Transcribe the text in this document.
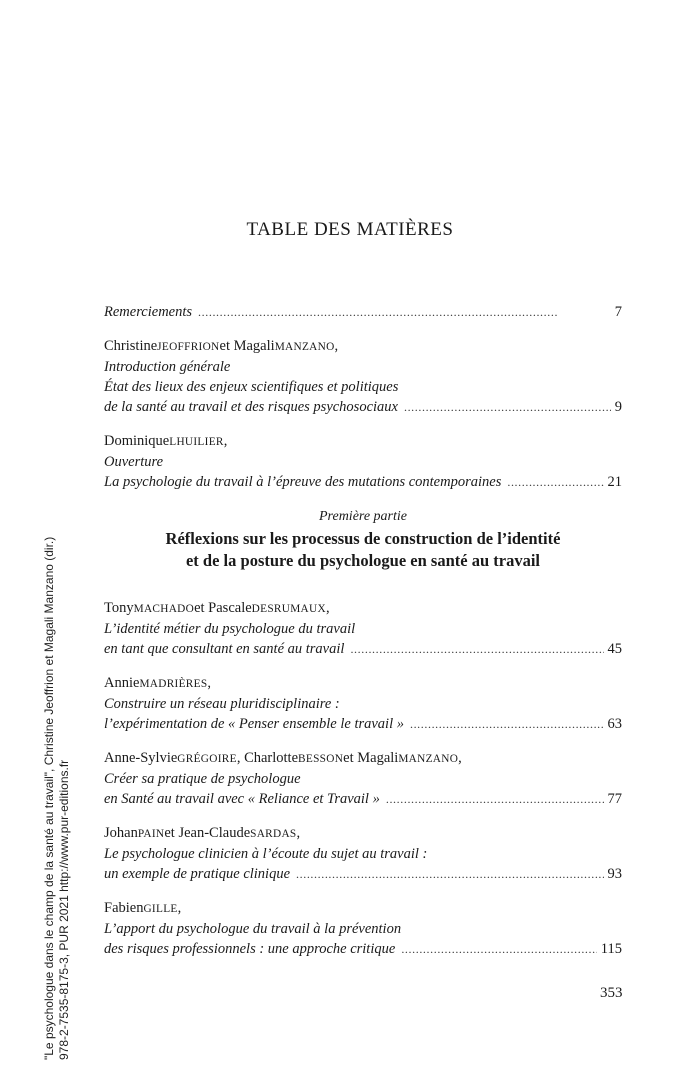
"Le psychologue dans le champ de la santé au travail", Christine Jeoffrion et Magali Manzano (dir.) 978-2-7535-8175-3, PUR 2021 http://www.pur-editions.fr
TABLE DES MATIÈRES
Remerciements . . .	7
Christine JEOFFRION et Magali MANZANO ,
Introduction générale
État des lieux des enjeux scientifiques et politiques
de la santé au travail et des risques psychosociaux . . .	9
Dominique LHUILIER ,
Ouverture
La psychologie du travail à l’épreuve des mutations contemporaines . . .	21
Première partie
Réflexions sur les processus de construction de l’identité
et de la posture du psychologue en santé au travail
Tony MACHADO et Pascale DESRUMAUX ,
L’identité métier du psychologue du travail
en tant que consultant en santé au travail . . .	45
Annie MADRIÈRES ,
Construire un réseau pluridisciplinaire :
l’expérimentation de « Penser ensemble le travail » . . .	63
Anne-Sylvie GRÉGOIRE , Charlotte BESSON et Magali MANZANO ,
Créer sa pratique de psychologue
en Santé au travail avec « Reliance et Travail » . . .	77
Johan PAIN et Jean-Claude SARDAS ,
Le psychologue clinicien à l’écoute du sujet au travail :
un exemple de pratique clinique . . .	93
Fabien GILLE ,
L’apport du psychologue du travail à la prévention
des risques professionnels : une approche critique . . .	115
353
